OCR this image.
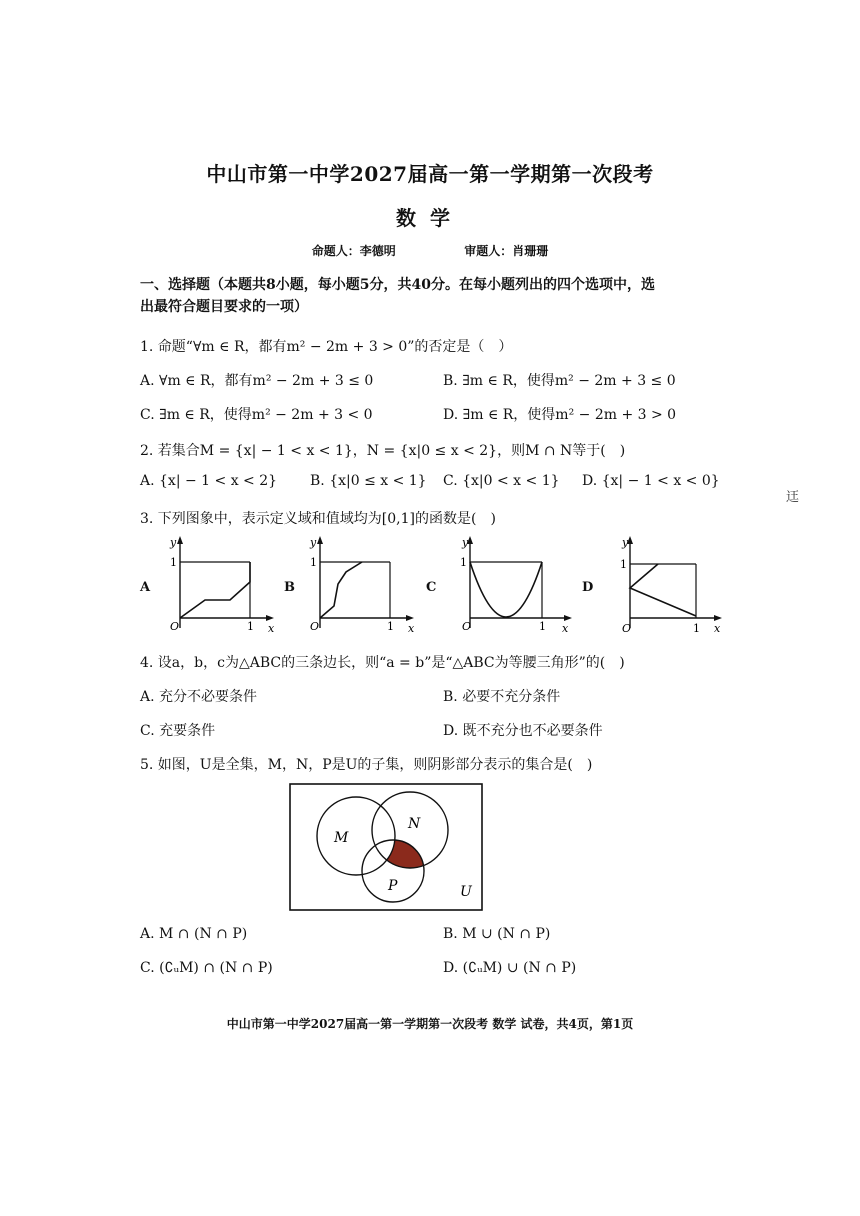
中山市第一中学2027届高一第一学期第一次段考
数学
命题人：李德明	审题人：肖珊珊
一、选择题（本题共8小题，每小题5分，共40分。在每小题列出的四个选项中，选
出最符合题目要求的一项）
1. 命题“∀m ∈ R，都有m² − 2m + 3 > 0”的否定是（　）
A. ∀m ∈ R，都有m² − 2m + 3 ≤ 0	B. ∃m ∈ R，使得m² − 2m + 3 ≤ 0
C. ∃m ∈ R，使得m² − 2m + 3 < 0	D. ∃m ∈ R，使得m² − 2m + 3 > 0
2. 若集合M = {x| − 1 < x < 1}，N = {x|0 ≤ x < 2}，则M ∩ N等于(　)
A. {x| − 1 < x < 2} B. {x|0 ≤ x < 1} C. {x|0 < x < 1} D. {x| − 1 < x < 0}
迋
3. 下列图象中，表示定义域和值域均为[0,1]的函数是(　)
A
y
1
O	1 x
B
y
1
O	1 x
C
y
1
O	1 x
D
y
1
O	1 x
4. 设a，b，c为△ABC的三条边长，则“a = b”是“△ABC为等腰三角形”的(　)
A. 充分不必要条件	B. 必要不充分条件
C. 充要条件	D. 既不充分也不必要条件
5. 如图，U是全集，M，N，P是U的子集，则阴影部分表示的集合是(　)
M
N
P	U
A. M ∩ (N ∩ P)	B. M ∪ (N ∩ P)
C. (∁ᵤM) ∩ (N ∩ P)	D. (∁ᵤM) ∪ (N ∩ P)
中山市第一中学2027届高一第一学期第一次段考 数学 试卷，共4页，第1页
